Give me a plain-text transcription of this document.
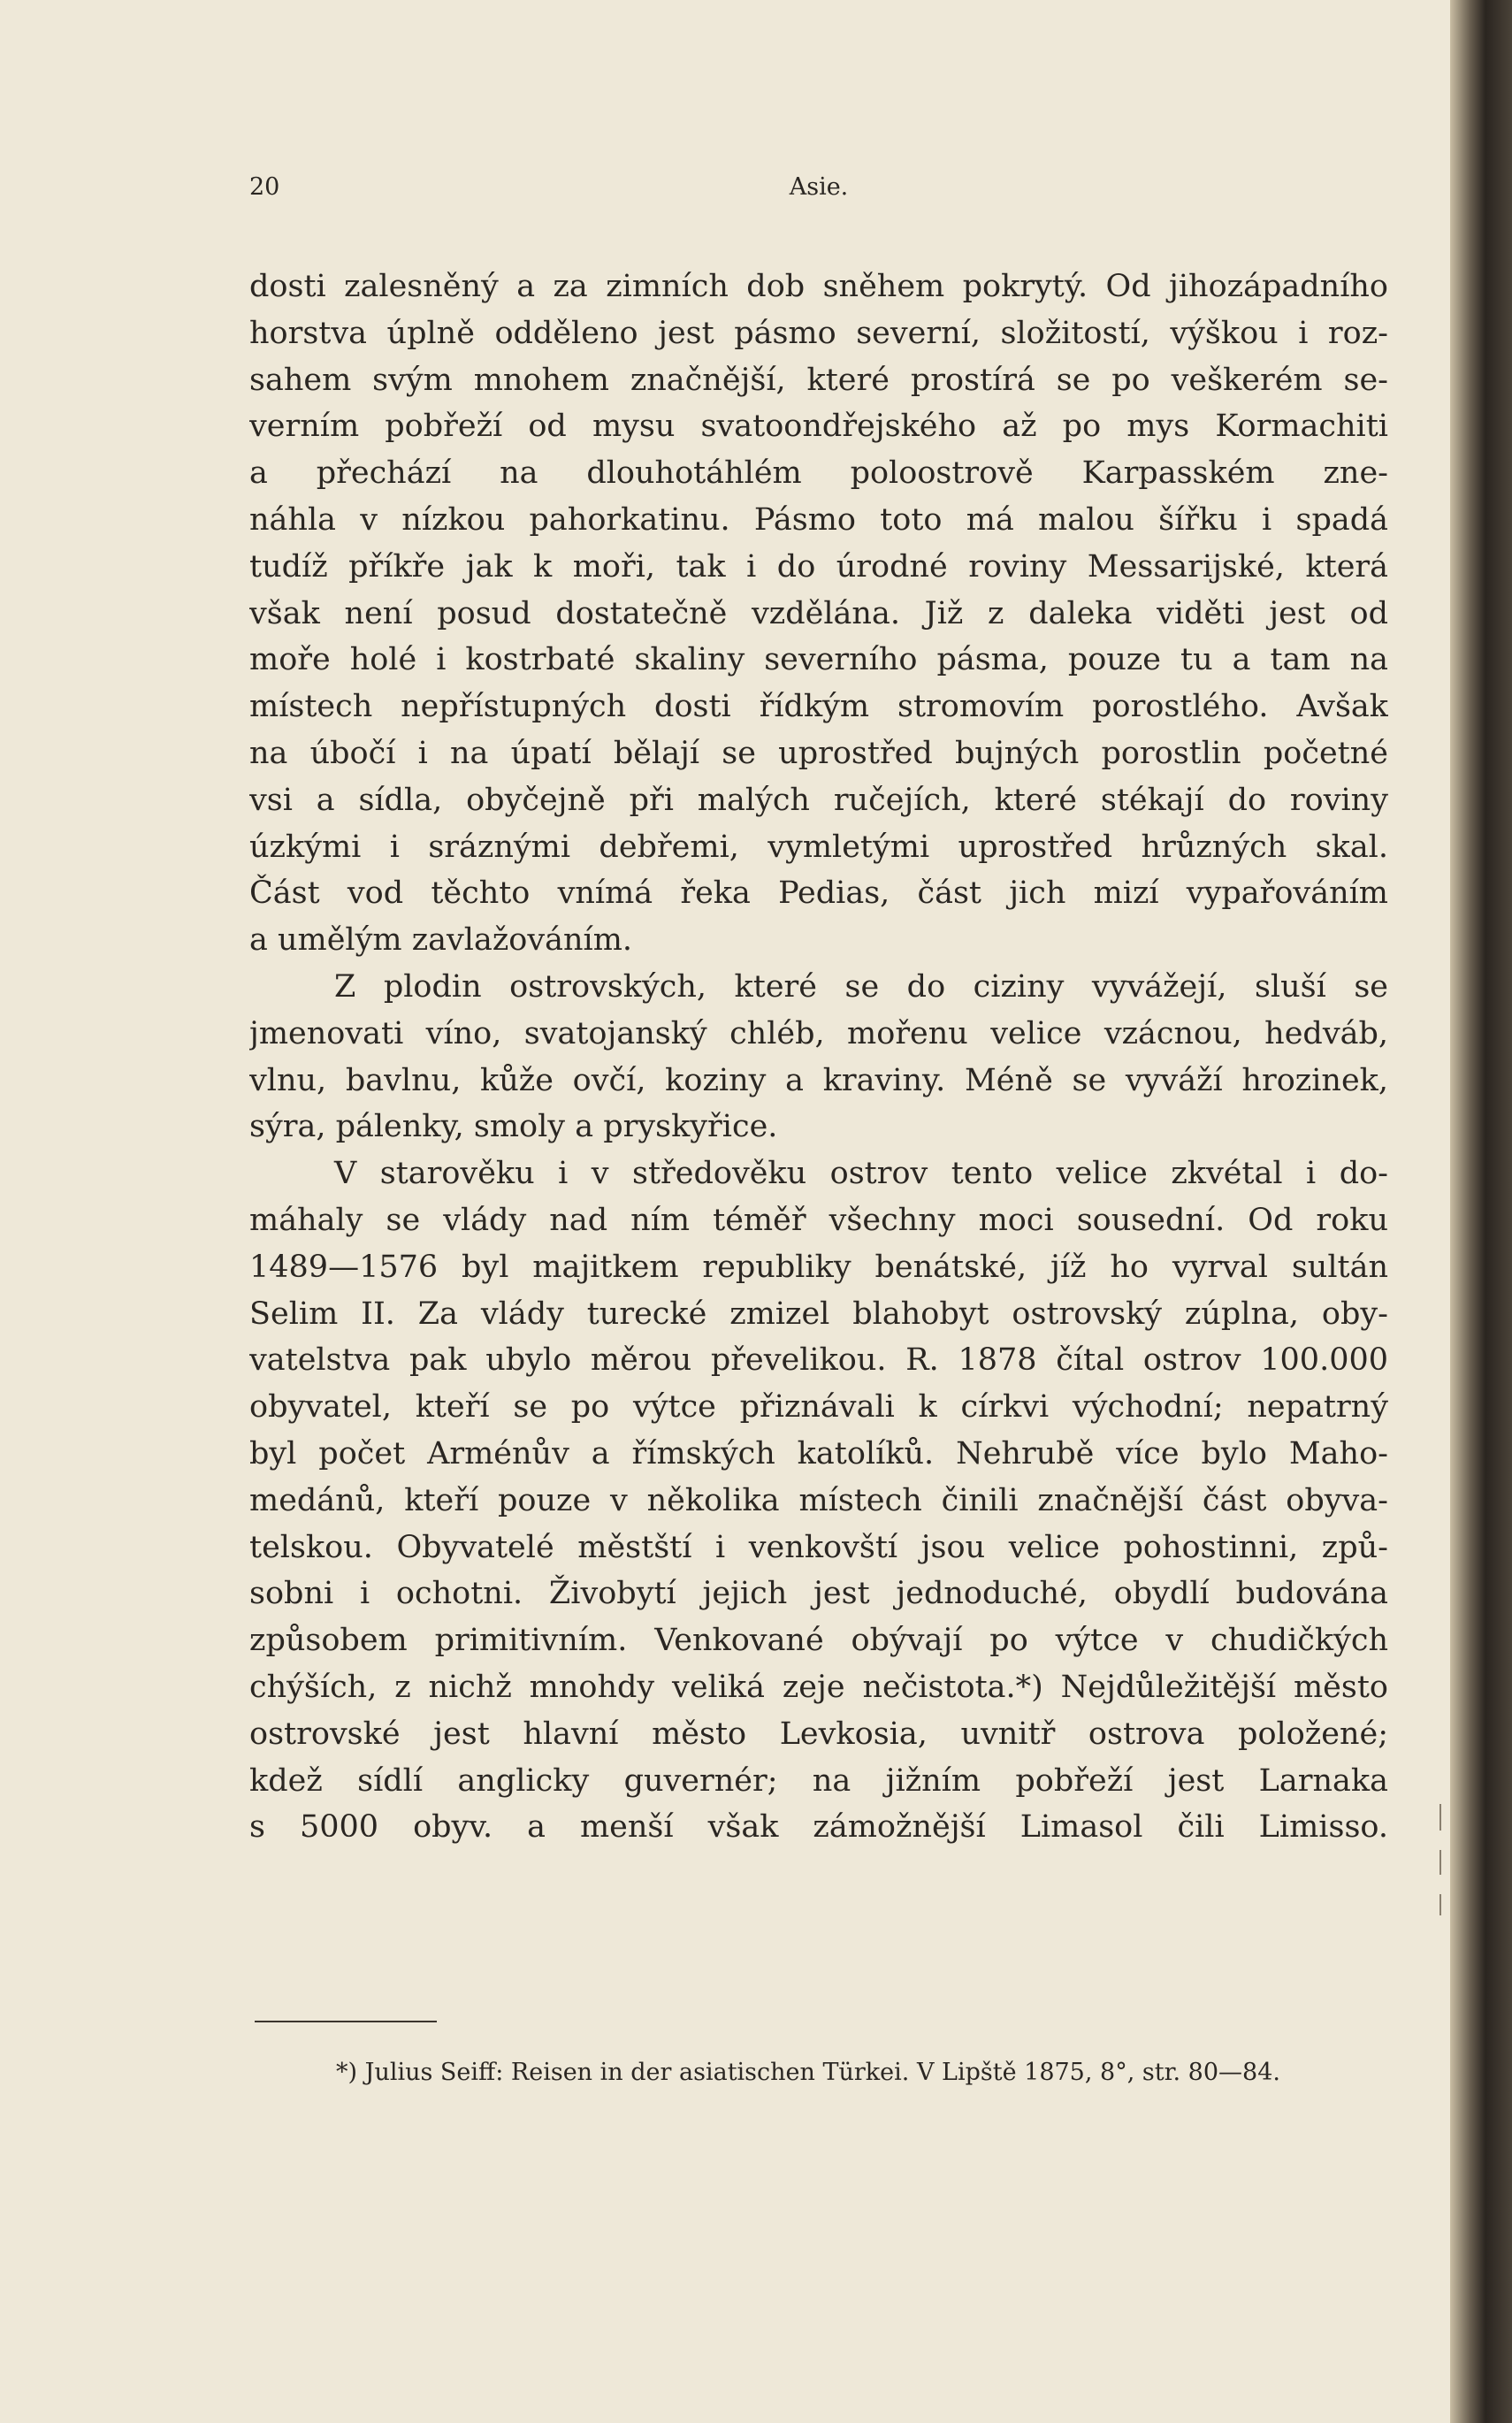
20	Asie.
dosti zalesněný a za zimních dob sněhem pokrytý. Od jihozápadního
horstva úplně odděleno jest pásmo severní, složitostí, výškou i roz-
sahem svým mnohem značnější, které prostírá se po veškerém se-
verním pobřeží od mysu svatoondřejského až po mys Kormachiti
a přechází na dlouhotáhlém poloostrově Karpasském zne-
náhla v nízkou pahorkatinu. Pásmo toto má malou šířku i spadá
tudíž příkře jak k moři, tak i do úrodné roviny Messarijské, která
však není posud dostatečně vzdělána. Již z daleka viděti jest od
moře holé i kostrbaté skaliny severního pásma, pouze tu a tam na
místech nepřístupných dosti řídkým stromovím porostlého. Avšak
na úbočí i na úpatí bělají se uprostřed bujných porostlin početné
vsi a sídla, obyčejně při malých ručejích, které stékají do roviny
úzkými i sráznými debřemi, vymletými uprostřed hrůzných skal.
Část vod těchto vnímá řeka Pedias, část jich mizí vypařováním
a umělým zavlažováním.
Z plodin ostrovských, které se do ciziny vyvážejí, sluší se
jmenovati víno, svatojanský chléb, mořenu velice vzácnou, hedváb,
vlnu, bavlnu, kůže ovčí, koziny a kraviny. Méně se vyváží hrozinek,
sýra, pálenky, smoly a pryskyřice.
V starověku i v středověku ostrov tento velice zkvétal i do-
máhaly se vlády nad ním téměř všechny moci sousední. Od roku
1489—1576 byl majitkem republiky benátské, jíž ho vyrval sultán
Selim II. Za vlády turecké zmizel blahobyt ostrovský zúplna, oby-
vatelstva pak ubylo měrou převelikou. R. 1878 čítal ostrov 100.000
obyvatel, kteří se po výtce přiznávali k církvi východní; nepatrný
byl počet Arménův a římských katolíků. Nehrubě více bylo Maho-
medánů, kteří pouze v několika místech činili značnější část obyva-
telskou. Obyvatelé městští i venkovští jsou velice pohostinni, způ-
sobni i ochotni. Živobytí jejich jest jednoduché, obydlí budována
způsobem primitivním. Venkované obývají po výtce v chudičkých
chýších, z nichž mnohdy veliká zeje nečistota.*) Nejdůležitější město
ostrovské jest hlavní město Levkosia, uvnitř ostrova položené;
kdež sídlí anglicky guvernér; na jižním pobřeží jest Larnaka
s 5000 obyv. a menší však zámožnější Limasol čili Limisso.
*) Julius Seiff: Reisen in der asiatischen Türkei. V Lipště 1875, 8°, str. 80—84.
